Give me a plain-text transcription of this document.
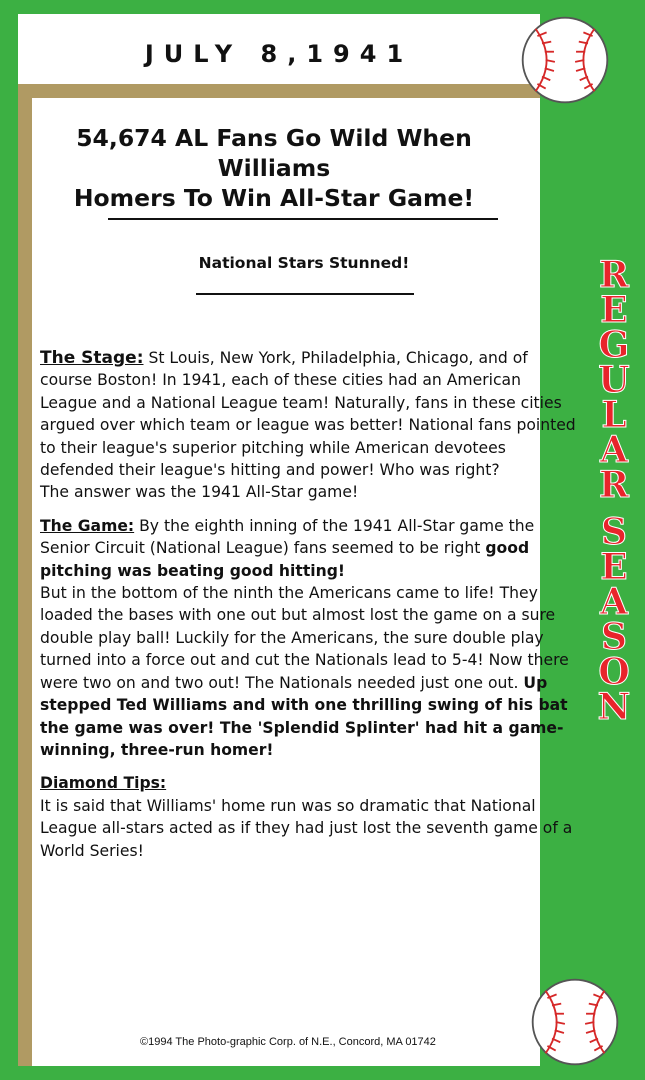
JULY 8,1941
54,674 AL Fans Go Wild When Williams
Homers To Win All-Star Game!
National Stars Stunned!

The Stage: St Louis, New York, Philadelphia, Chicago, and of course Boston! In 1941, each of these cities had an American League and a National League team! Naturally, fans in these cities argued over which team or league was better! National fans pointed to their league's superior pitching while American devotees defended their league's hitting and power! Who was right?
The answer was the 1941 All-Star game!

The Game: By the eighth inning of the 1941 All-Star game the Senior Circuit (National League) fans seemed to be right good pitching was beating good hitting!
But in the bottom of the ninth the Americans came to life! They loaded the bases with one out but almost lost the game on a sure double play ball! Luckily for the Americans, the sure double play turned into a force out and cut the Nationals lead to 5-4! Now there were two on and two out! The Nationals needed just one out. Up stepped Ted Williams and with one thrilling swing of his bat the game was over! The 'Splendid Splinter' had hit a game-winning, three-run homer!

Diamond Tips:
It is said that Williams' home run was so dramatic that National League all-stars acted as if they had just lost the seventh game of a World Series!

©1994 The Photo-graphic Corp. of N.E., Concord, MA 01742
R
E
G
U
L
A
R

S
E
A
S
O
N
